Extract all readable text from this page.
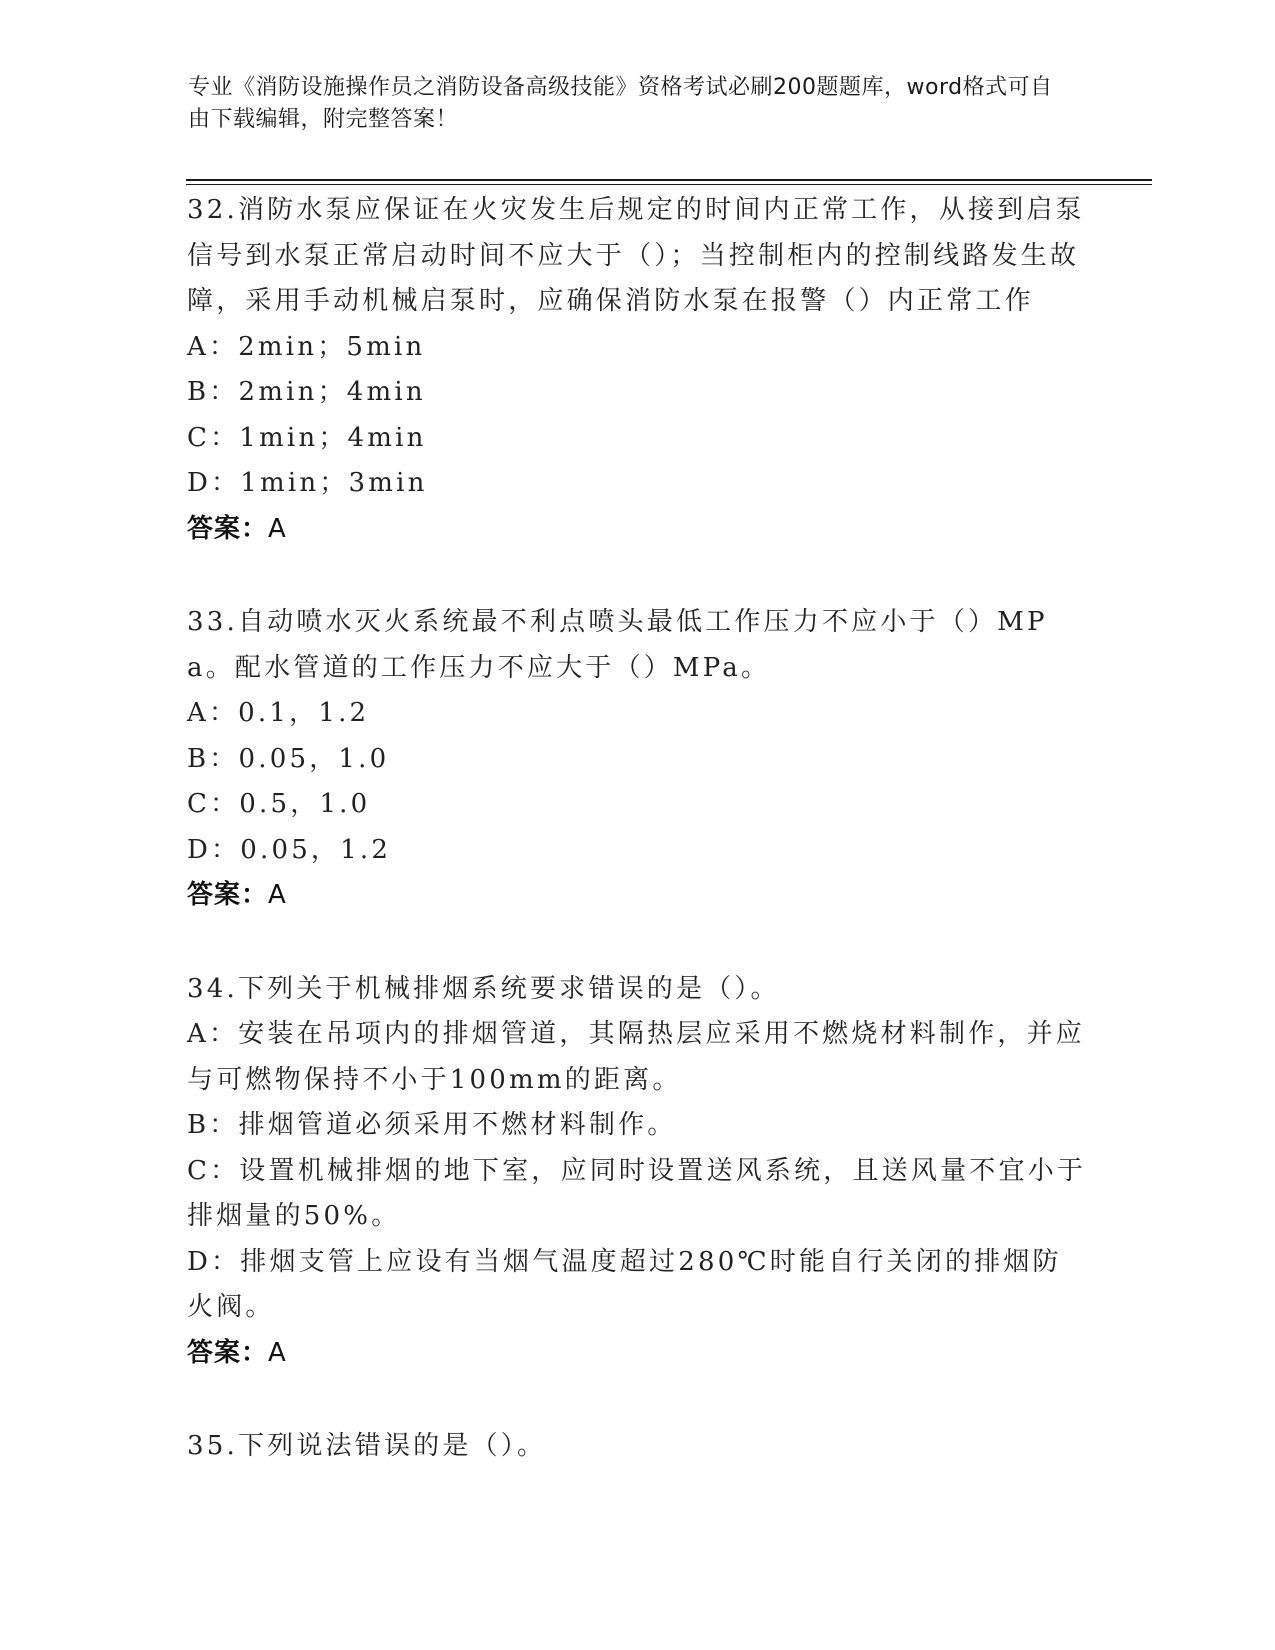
专业《消防设施操作员之消防设备高级技能》资格考试必刷200题题库，word格式可自由下载编辑，附完整答案！

32.消防水泵应保证在火灾发生后规定的时间内正常工作，从接到启泵信号到水泵正常启动时间不应大于（）；当控制柜内的控制线路发生故障，采用手动机械启泵时，应确保消防水泵在报警（）内正常工作

A：2min；5min

B：2min；4min

C：1min；4min

D：1min；3min

答案：A

33.自动喷水灭火系统最不利点喷头最低工作压力不应小于（）MPa。配水管道的工作压力不应大于（）MPa。

A：0.1，1.2

B：0.05，1.0

C：0.5，1.0

D：0.05，1.2

答案：A

34.下列关于机械排烟系统要求错误的是（）。

A：安装在吊项内的排烟管道，其隔热层应采用不燃烧材料制作，并应与可燃物保持不小于100mm的距离。

B：排烟管道必须采用不燃材料制作。

C：设置机械排烟的地下室，应同时设置送风系统，且送风量不宜小于排烟量的50%。

D：排烟支管上应设有当烟气温度超过280℃时能自行关闭的排烟防火阀。

答案：A

35.下列说法错误的是（）。
